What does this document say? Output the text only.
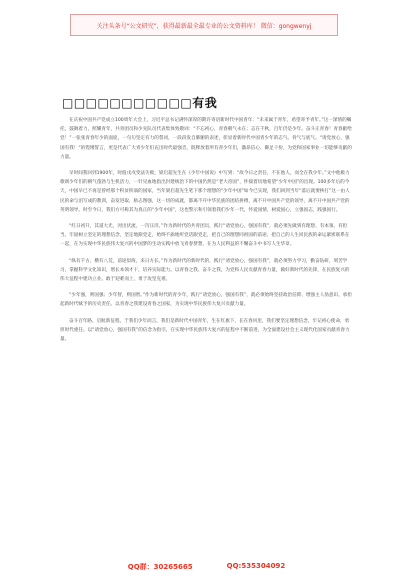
关注头条号“公文研究”，获得最新最全最专业的公文资料库！ 微信：gongwenyj
□□□□□□□□□□□有我

在庆祝中国共产党成立100周年大会上，习近平总书记满怀深厚的期许寄语新时代中国青年：“未来属于青年，希望寄予青年。”这一深情的嘱托，鼓舞着力、照耀青年，共青团员和少先队员代表集体致敬词：“不忘初心，青春朝气永在；志在千秋，百年仍是少年。奋斗正青春！青春献给党！”一张张青春年少的面庞，一句句坚定有力的誓词，一段段发自肺腑的表述，彰显着新时代中国青少年的志气、骨气与底气。“请党放心，强国有我！”的铿锵誓言，更是代表广大青少年们充出时代最强音，既释放着所有青少年们，激昂信心、御足干扮，为党和国家事业一切能够贡献的力量。

早时间我回到1900年，时值戊戌变法失败，梁启超先生在《少年中国说》中写到：“故今日之责任，不在他人，而全在我少年。”文中他极力歌颂少年们的朝气蓬勃与生机活力，一针见血地指出封建统治下的中国仍然是“老大帝国”，怀揣着切地希望“少年中国”的出现。100多年后的今天，中国早已不再是曾经那个积贫积弱的国家，当年梁启超先生笔下那个理想的“少年中国”如今已实现，我们回到当年“落后就要挨打”这一由人民的命与泪写成的教训，奋发进取、励志图强，这一切的成就，都离不开中华民族的团结拼搏，离不开中国共产党的领导，离不开中国共产党的英明领导。时至今日，我们方可称其为真正的“少年中国”，这也警示和引领着我们少年一代，怀爱国情，树爱国心，立强国志，践强国行。

“红日初升，其道大光，河出伏流，一泻汪洋。”作为新时代的共青团员，践行“请党放心，强国有我”，就必须先做到有理想、有本领、有担当。牢固树立坚定的理想信念，坚定地跟党走，始终不渝地听党话跟党走，把自己的理想同祖国的前途、把自己的人生同民族的命运紧密联系在一起，在为实现中华民族伟大复兴的中国梦的生动实践中放飞青春梦想，在为人民利益的不懈奋斗中书写人生华章。

“纵有千古，横有八荒，前途似海，来日方长。”作为新时代的新时代的，践行“请党放心，强国有我”，就必须努力学习，勤奋钻研，刻苦学习，掌握科学文化知识，增长本领才干，培养实际能力。以青春之我、奋斗之我，为党和人民贡献青春力量，做好新时代的先锋，在民族复兴的伟大征程中建功立业。敢于迎难而上，勇于攻坚克难。

“少年强，则国强；少年智，则国智。”作为新时代的青少年，践行“请党放心，强国有我”，就必须始终坚持政治信仰、增强主人翁意识、承担起新时代赋予的历史责任。以青春之我建设青春之国家，为实现中华民族伟大复兴贡献力量。

奋斗百年路、启航新征程，于我们少年而言，我们是新时代中国青年，生在红旗下、长在春风里，我们要坚定理想信念，牢记初心使命，勇担时代重任。以“请党放心，强国有我”的信念为指引，在实现中华民族伟大复兴的征程中不断前进，为全面建设社会主义现代化国家贡献青春力量。

QQ群：30265665	QQ:535304092
